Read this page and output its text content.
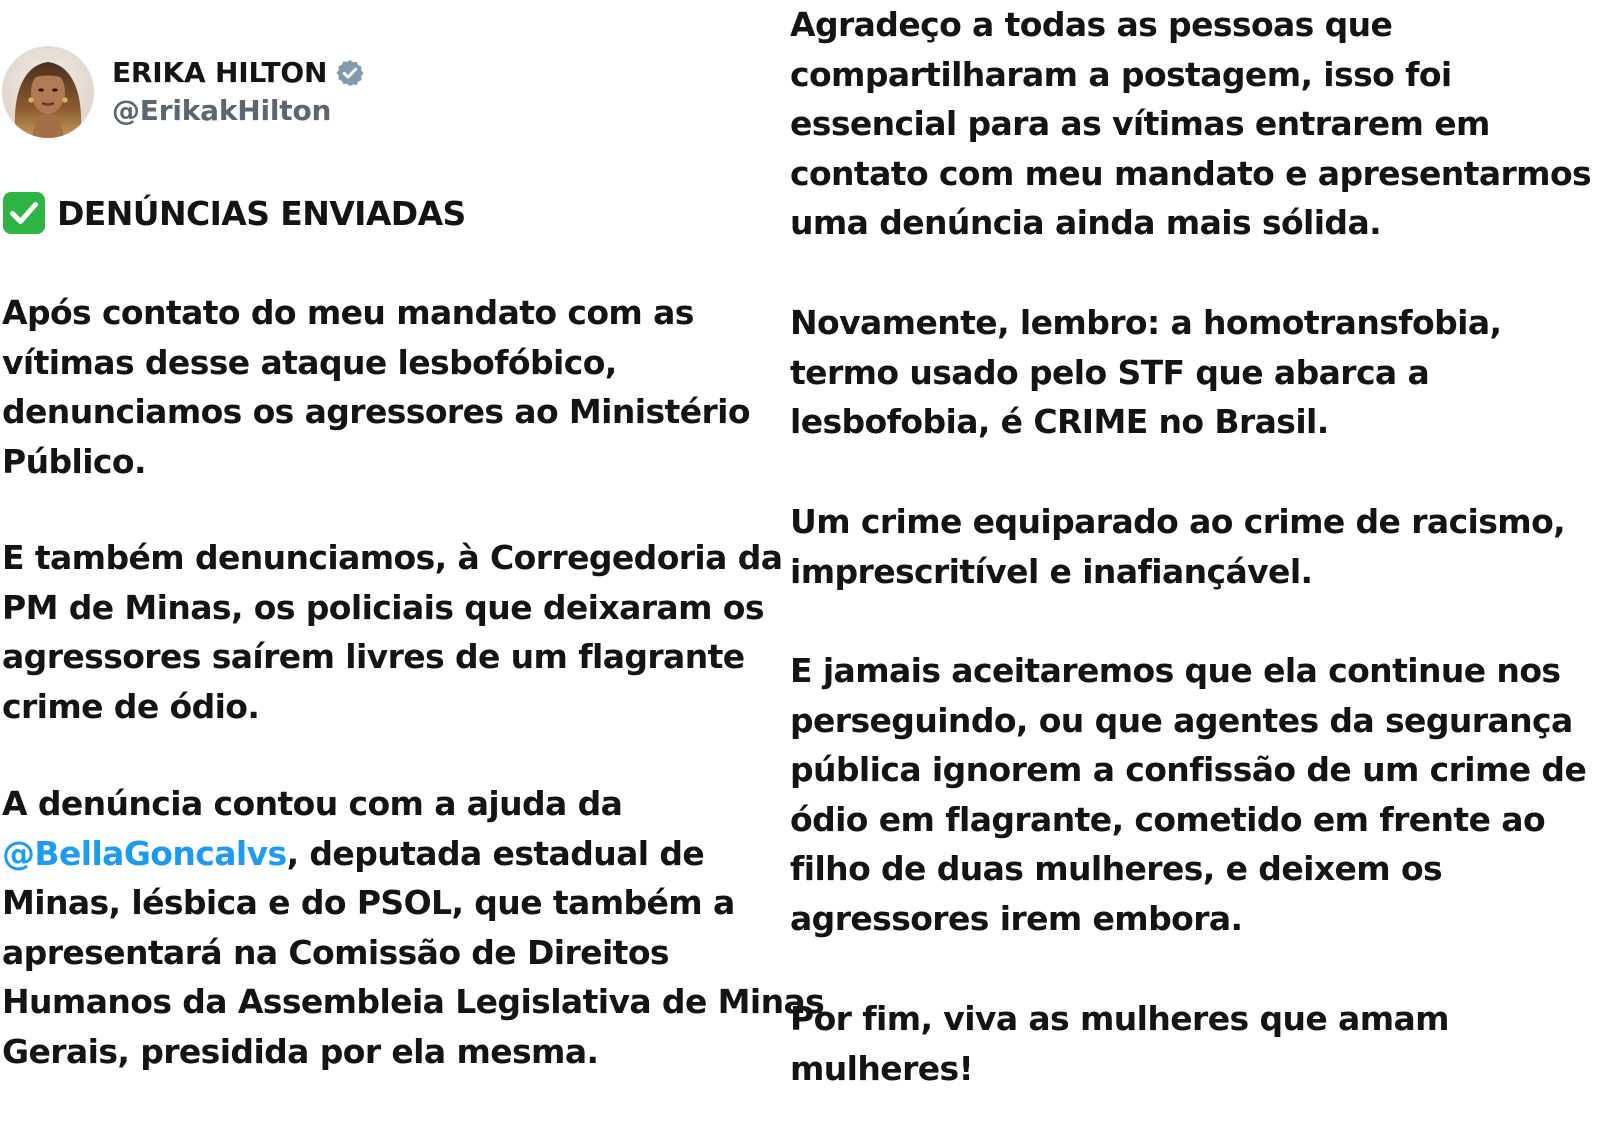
ERIKA HILTON
@ErikakHilton
DENÚNCIAS ENVIADAS

Após contato do meu mandato com as
vítimas desse ataque lesbofóbico,
denunciamos os agressores ao Ministério
Público.

E também denunciamos, à Corregedoria da
PM de Minas, os policiais que deixaram os
agressores saírem livres de um flagrante
crime de ódio.

A denúncia contou com a ajuda da
@BellaGoncalvs, deputada estadual de
Minas, lésbica e do PSOL, que também a
apresentará na Comissão de Direitos
Humanos da Assembleia Legislativa de Minas
Gerais, presidida por ela mesma.

Agradeço a todas as pessoas que
compartilharam a postagem, isso foi
essencial para as vítimas entrarem em
contato com meu mandato e apresentarmos
uma denúncia ainda mais sólida.

Novamente, lembro: a homotransfobia,
termo usado pelo STF que abarca a
lesbofobia, é CRIME no Brasil.

Um crime equiparado ao crime de racismo,
imprescritível e inafiançável.

E jamais aceitaremos que ela continue nos
perseguindo, ou que agentes da segurança
pública ignorem a confissão de um crime de
ódio em flagrante, cometido em frente ao
filho de duas mulheres, e deixem os
agressores irem embora.

Por fim, viva as mulheres que amam
mulheres!
